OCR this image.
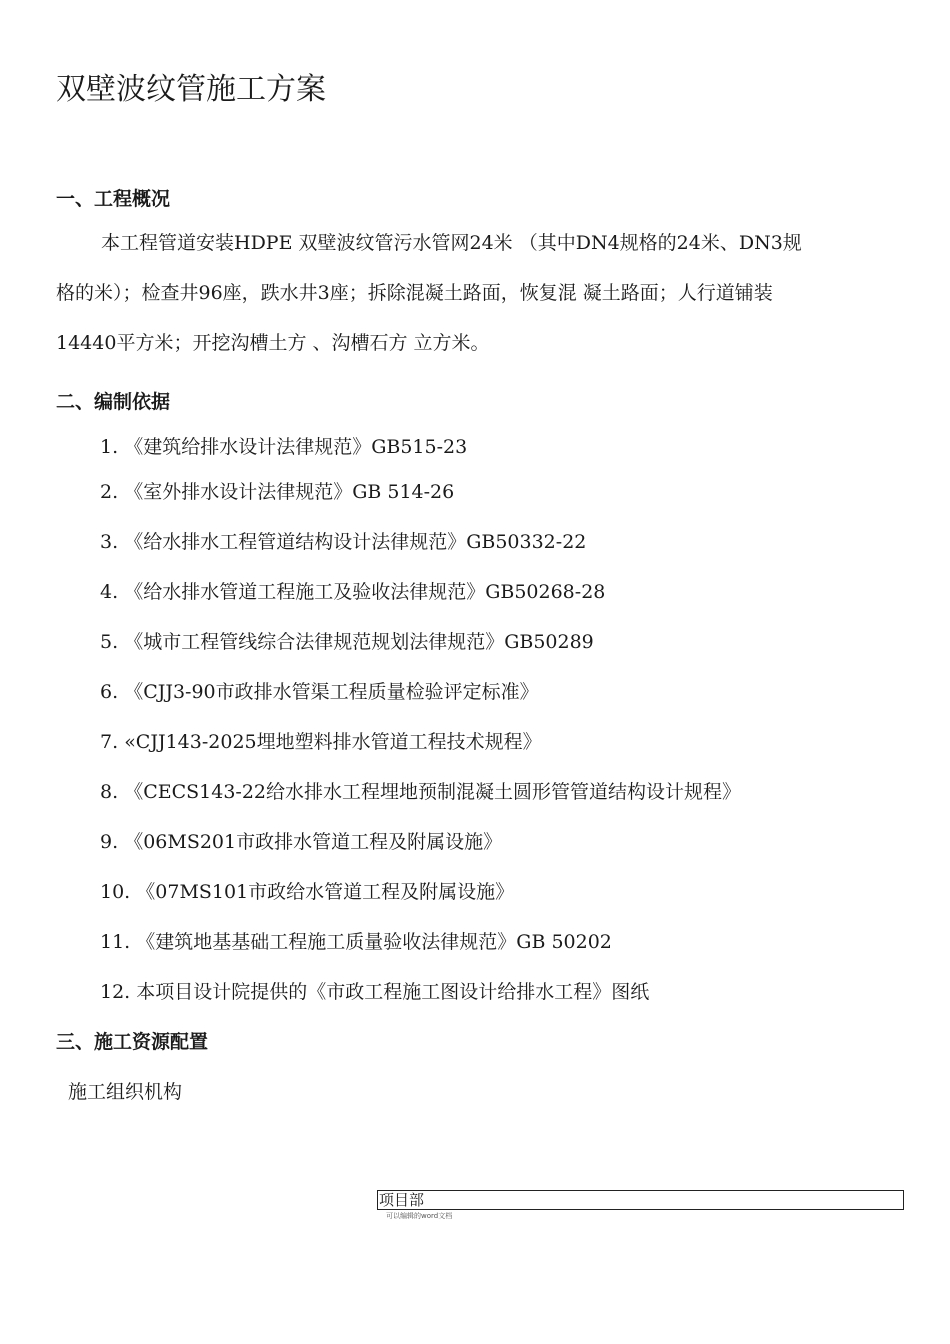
双壁波纹管施工方案
一、工程概况

本工程管道安装HDPE 双壁波纹管污水管网24米 （其中DN4规格的24米、DN3规

格的米）；检查井96座，跌水井3座；拆除混凝土路面，恢复混 凝土路面；人行道铺装

14440平方米；开挖沟槽土方 、沟槽石方 立方米。

二、编制依据

1. 《建筑给排水设计法律规范》GB515-23

2. 《室外排水设计法律规范》GB 514-26

3. 《给水排水工程管道结构设计法律规范》GB50332-22

4. 《给水排水管道工程施工及验收法律规范》GB50268-28

5. 《城市工程管线综合法律规范规划法律规范》GB50289

6. 《CJJ3-90市政排水管渠工程质量检验评定标准》

7. «CJJ143-2025埋地塑料排水管道工程技术规程》

8. 《CECS143-22给水排水工程埋地预制混凝土圆形管管道结构设计规程》

9. 《06MS201市政排水管道工程及附属设施》

10. 《07MS101市政给水管道工程及附属设施》

11. 《建筑地基基础工程施工质量验收法律规范》GB 50202

12. 本项目设计院提供的《市政工程施工图设计给排水工程》图纸

三、施工资源配置

施工组织机构

项目部
可以编辑的word文档
